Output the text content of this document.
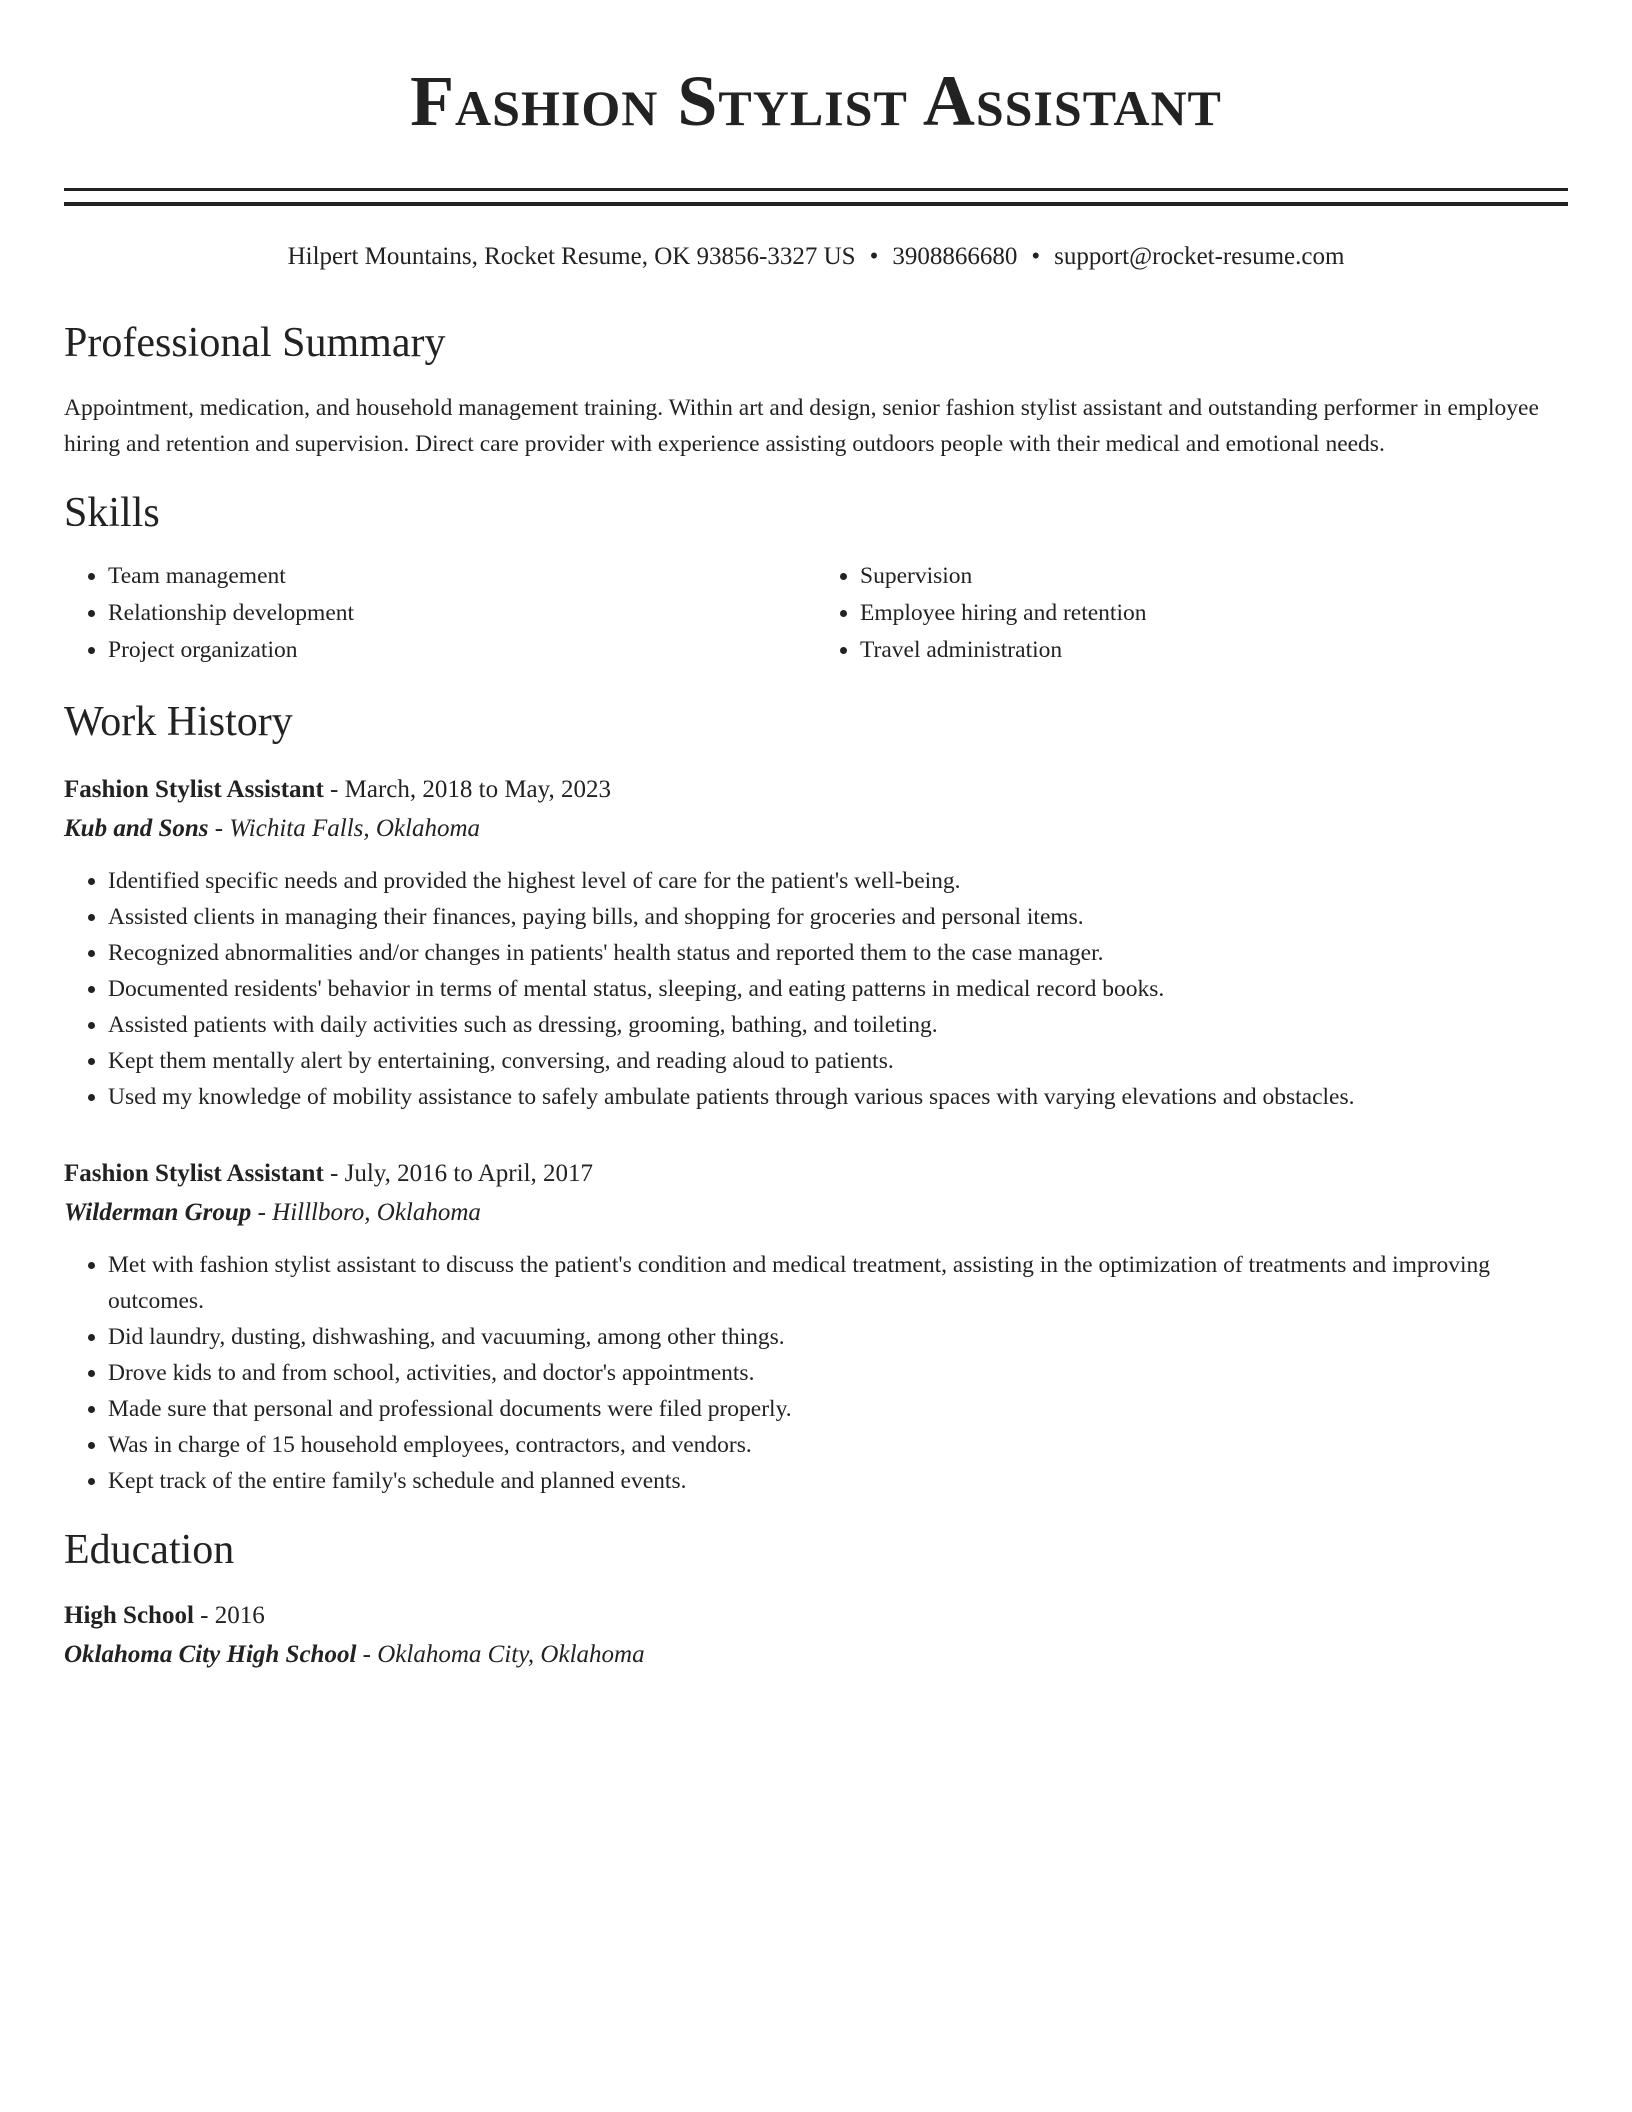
Fashion Stylist Assistant
Hilpert Mountains, Rocket Resume, OK 93856-3327 US • 3908866680 • support@rocket-resume.com
Professional Summary

Appointment, medication, and household management training. Within art and design, senior fashion stylist assistant and outstanding performer in employee hiring and retention and supervision. Direct care provider with experience assisting outdoors people with their medical and emotional needs.

Skills
• Team management
• Relationship development
• Project organization
• Supervision
• Employee hiring and retention
• Travel administration
Work History
Fashion Stylist Assistant - March, 2018 to May, 2023
Kub and Sons - Wichita Falls, Oklahoma
• Identified specific needs and provided the highest level of care for the patient's well-being.
• Assisted clients in managing their finances, paying bills, and shopping for groceries and personal items.
• Recognized abnormalities and/or changes in patients' health status and reported them to the case manager.
• Documented residents' behavior in terms of mental status, sleeping, and eating patterns in medical record books.
• Assisted patients with daily activities such as dressing, grooming, bathing, and toileting.
• Kept them mentally alert by entertaining, conversing, and reading aloud to patients.
• Used my knowledge of mobility assistance to safely ambulate patients through various spaces with varying elevations and obstacles.
Fashion Stylist Assistant - July, 2016 to April, 2017
Wilderman Group - Hilllboro, Oklahoma
• Met with fashion stylist assistant to discuss the patient's condition and medical treatment, assisting in the optimization of treatments and improving outcomes.
• Did laundry, dusting, dishwashing, and vacuuming, among other things.
• Drove kids to and from school, activities, and doctor's appointments.
• Made sure that personal and professional documents were filed properly.
• Was in charge of 15 household employees, contractors, and vendors.
• Kept track of the entire family's schedule and planned events.
Education
High School - 2016
Oklahoma City High School - Oklahoma City, Oklahoma
